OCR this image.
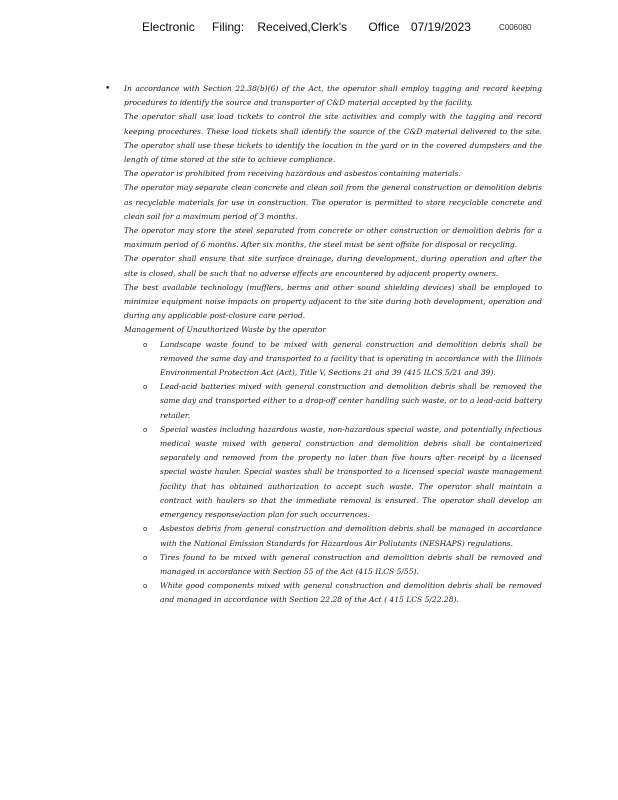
Electronic Filing: Received,Clerk's Office 07/19/2023	C006080

• In accordance with Section 22.38(b)(6) of the Act, the operator shall employ tagging and record keeping procedures to identify the source and transporter of C&D material accepted by the facility.

The operator shall use load tickets to control the site activities and comply with the tagging and record keeping procedures. These load tickets shall identify the source of the C&D material delivered to the site. The operator shall use these tickets to identify the location in the yard or in the covered dumpsters and the length of time stored at the site to achieve compliance.

The operator is prohibited from receiving hazardous and asbestos containing materials.

The operator may separate clean concrete and clean soil from the general construction or demolition debris as recyclable materials for use in construction. The operator is permitted to store recyclable concrete and clean soil for a maximum period of 3 months.

The operator may store the steel separated from concrete or other construction or demolition debris for a maximum period of 6 months. After six months, the steel must be sent offsite for disposal or recycling.

The operator shall ensure that site surface drainage, during development, during operation and after the site is closed, shall be such that no adverse effects are encountered by adjacent property owners.

The best available technology (mufflers, berms and other sound shielding devices) shall be employed to minimize equipment noise impacts on property adjacent to the site during both development, operation and during any applicable post-closure care period.

Management of Unauthorized Waste by the operator

o Landscape waste found to be mixed with general construction and demolition debris shall be removed the same day and transported to a facility that is operating in accordance with the Illinois Environmental Protection Act (Act), Title V, Sections 21 and 39 (415 ILCS 5/21 and 39).

o Lead-acid batteries mixed with general construction and demolition debris shall be removed the same day and transported either to a drop-off center handling such waste, or to a lead-acid battery retailer.

o Special wastes including hazardous waste, non-hazardous special waste, and potentially infectious medical waste mixed with general construction and demolition debris shall be containerized separately and removed from the property no later than five hours after receipt by a licensed special waste hauler. Special wastes shall be transported to a licensed special waste management facility that has obtained authorization to accept such waste. The operator shall maintain a contract with haulers so that the immediate removal is ensured. The operator shall develop an emergency response/action plan for such occurrences.

o Asbestos debris from general construction and demolition debris shall be managed in accordance with the National Emission Standards for Hazardous Air Pollutants (NESHAPS) regulations.

o Tires found to be mixed with general construction and demolition debris shall be removed and managed in accordance with Section 55 of the Act (415 ILCS 5/55).

o White good components mixed with general construction and demolition debris shall be removed and managed in accordance with Section 22.28 of the Act ( 415 LCS 5/22.28).
